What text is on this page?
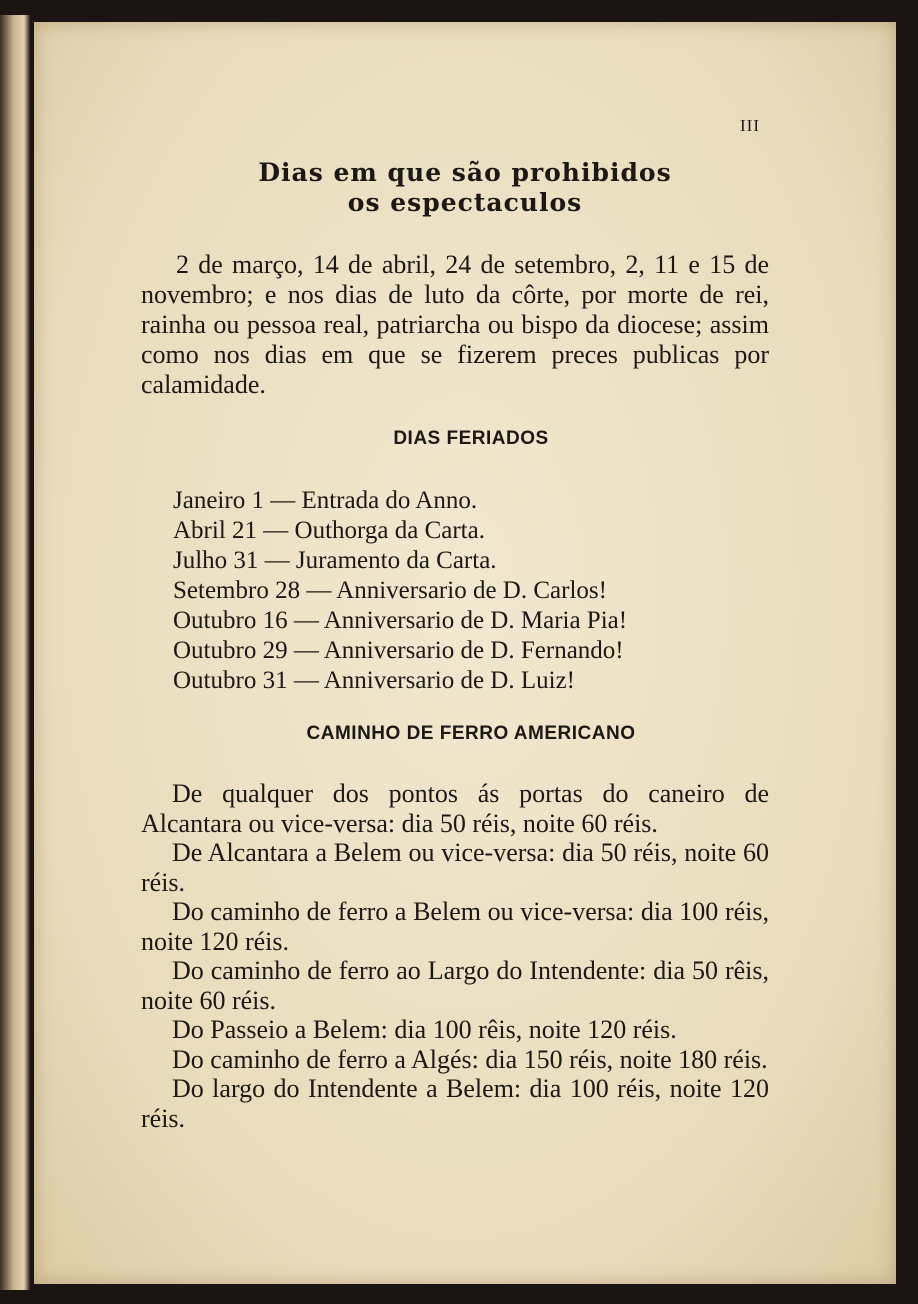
III
Dias em que são prohibidos
os espectaculos
2 de março, 14 de abril, 24 de setembro, 2, 11 e 15 de novembro; e nos dias de luto da côrte, por morte de rei, rainha ou pessoa real, patriarcha ou bispo da diocese; assim como nos dias em que se fizerem preces publicas por calamidade.
DIAS FERIADOS
Janeiro 1 — Entrada do Anno.
Abril 21 — Outhorga da Carta.
Julho 31 — Juramento da Carta.
Setembro 28 — Anniversario de D. Carlos!
Outubro 16 — Anniversario de D. Maria Pia!
Outubro 29 — Anniversario de D. Fernando!
Outubro 31 — Anniversario de D. Luiz!
CAMINHO DE FERRO AMERICANO

De qualquer dos pontos ás portas do caneiro de Alcantara ou vice-versa: dia 50 réis, noite 60 réis.

De Alcantara a Belem ou vice-versa: dia 50 réis, noite 60 réis.

Do caminho de ferro a Belem ou vice-versa: dia 100 réis, noite 120 réis.

Do caminho de ferro ao Largo do Intendente: dia 50 rêis, noite 60 réis.

Do Passeio a Belem: dia 100 rêis, noite 120 réis.

Do caminho de ferro a Algés: dia 150 réis, noite 180 réis.

Do largo do Intendente a Belem: dia 100 réis, noite 120 réis.
